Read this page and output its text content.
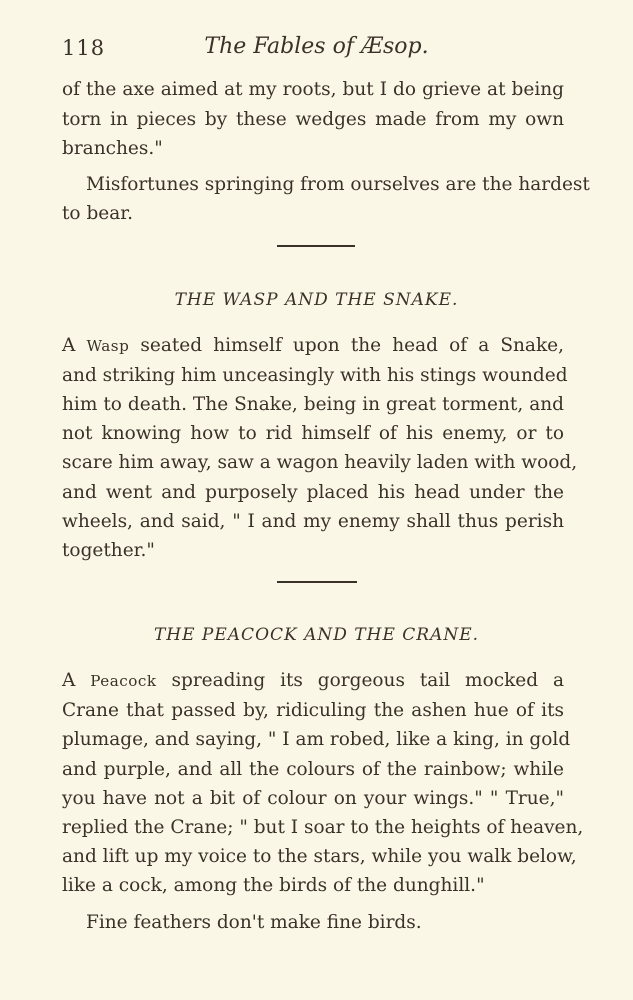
118	The Fables of Æsop.
of the axe aimed at my roots, but I do grieve at being
torn in pieces by these wedges made from my own
branches."
Misfortunes springing from ourselves are the hardest
to bear.
THE WASP AND THE SNAKE.
A Wasp seated himself upon the head of a Snake,
and striking him unceasingly with his stings wounded
him to death. The Snake, being in great torment, and
not knowing how to rid himself of his enemy, or to
scare him away, saw a wagon heavily laden with wood,
and went and purposely placed his head under the
wheels, and said, " I and my enemy shall thus perish
together."
THE PEACOCK AND THE CRANE.
A Peacock spreading its gorgeous tail mocked a
Crane that passed by, ridiculing the ashen hue of its
plumage, and saying, " I am robed, like a king, in gold
and purple, and all the colours of the rainbow; while
you have not a bit of colour on your wings." " True,"
replied the Crane; " but I soar to the heights of heaven,
and lift up my voice to the stars, while you walk below,
like a cock, among the birds of the dunghill."
Fine feathers don't make fine birds.
